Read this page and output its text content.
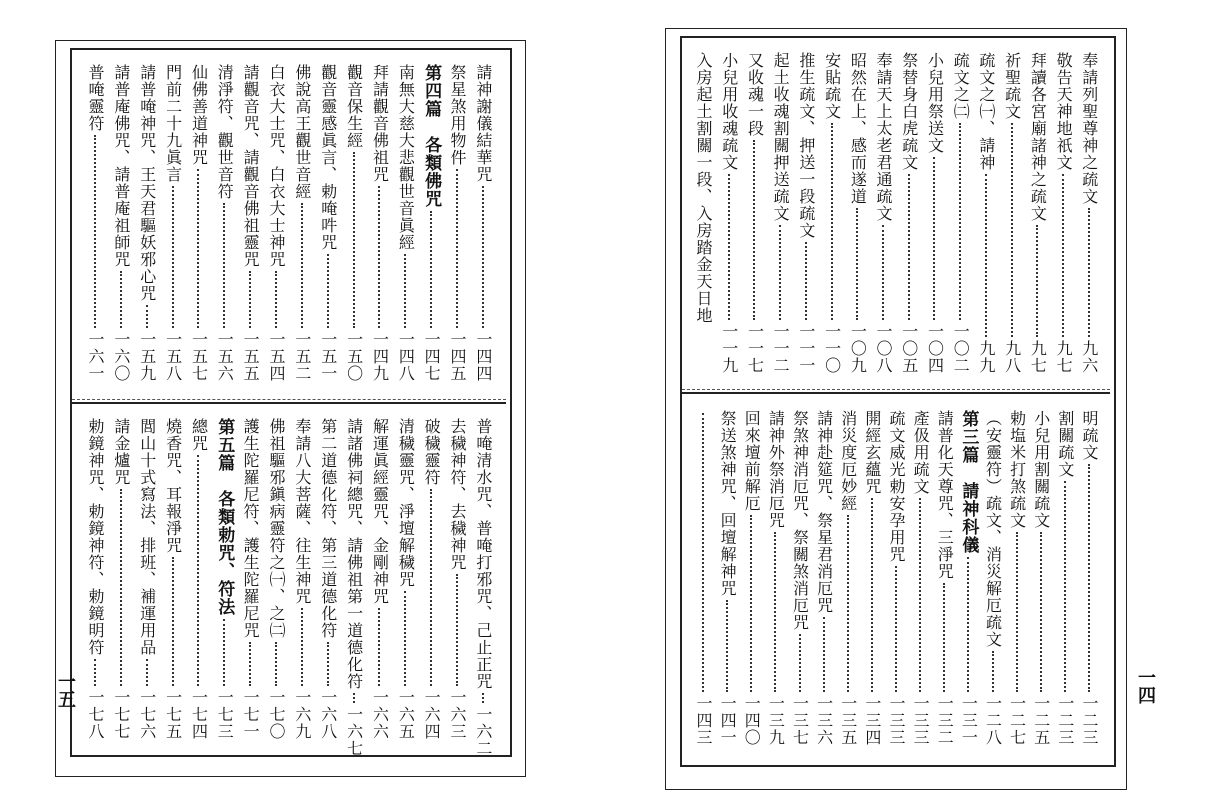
請神謝儀結華咒
一四四
祭星煞用物件
一四五
第四篇　各類佛咒
一四七
南無大慈大悲觀世音眞經
一四八
拜請觀音佛祖咒
一四九
觀音保生經
一五〇
觀音靈感眞言、勅唵吽咒
一五一
佛說高王觀世音經
一五二
白衣大士咒、白衣大士神咒
一五四
請觀音咒、請觀音佛祖靈咒
一五五
清淨符、觀世音符
一五六
仙佛善道神咒
一五七
門前二十九眞言
一五八
請普唵神咒、王天君驅妖邪心咒
一五九
請普庵佛咒、請普庵祖師咒
一六〇
普唵靈符
一六一
普唵清水咒、普唵打邪咒、己止正咒
一六二
去穢神符、去穢神咒
一六三
破穢靈符
一六四
清穢靈咒、淨壇解穢咒
一六五
解運眞經靈咒、金剛神咒
一六六
請諸佛祠總咒、請佛祖第一道德化符
一六七
第二道德化符、第三道德化符
一六八
奉請八大菩薩、往生神咒
一六九
佛祖驅邪鎭病靈符之㈠、之㈡
一七〇
護生陀羅尼符、護生陀羅尼咒
一七一
第五篇　各類勅咒、符法
一七三
總咒
一七四
燒香咒、耳報淨咒
一七五
閭山十式寫法、排班、補運用品
一七六
請金爐咒
一七七
勅鏡神咒、勅鏡神符、勅鏡明符
一七八
一五
奉請列聖尊神之疏文
九六
敬告天神地祇文
九七
拜讀各宮廟諸神之疏文
九七
祈聖疏文
九八
疏文之㈠、請神
九九
疏文之㈡
一〇二
小兒用祭送文
一〇四
祭替身白虎疏文
一〇五
奉請天上太老君通疏文
一〇八
昭然在上、感而遂道
一〇九
安貼疏文
一一〇
推生疏文、押送一段疏文
一一一
起土收魂割關押送疏文
一一二
又收魂一段
一一七
小兒用收魂疏文
一一九
入房起土割關一段、入房踏金天日地
明疏文
一二三
割關疏文
一二三
小兒用割關疏文
一二五
勅塩米打煞疏文
一二七
（安靈符）疏文、消災解厄疏文
一二八
第三篇　請神科儀
一三一
請普化天尊咒、三淨咒
一三二
產伋用疏文
一三三
疏文威光勅安孕用咒
一三三
開經玄蘊咒
一三四
消災度厄妙經
一三五
請神赴筵咒、祭星君消厄咒
一三六
祭煞神消厄咒、祭關煞消厄咒
一三七
請神外祭消厄咒
一三九
回來壇前解厄
一四〇
祭送煞神咒、回壇解神咒
一四一
一四三
一四
